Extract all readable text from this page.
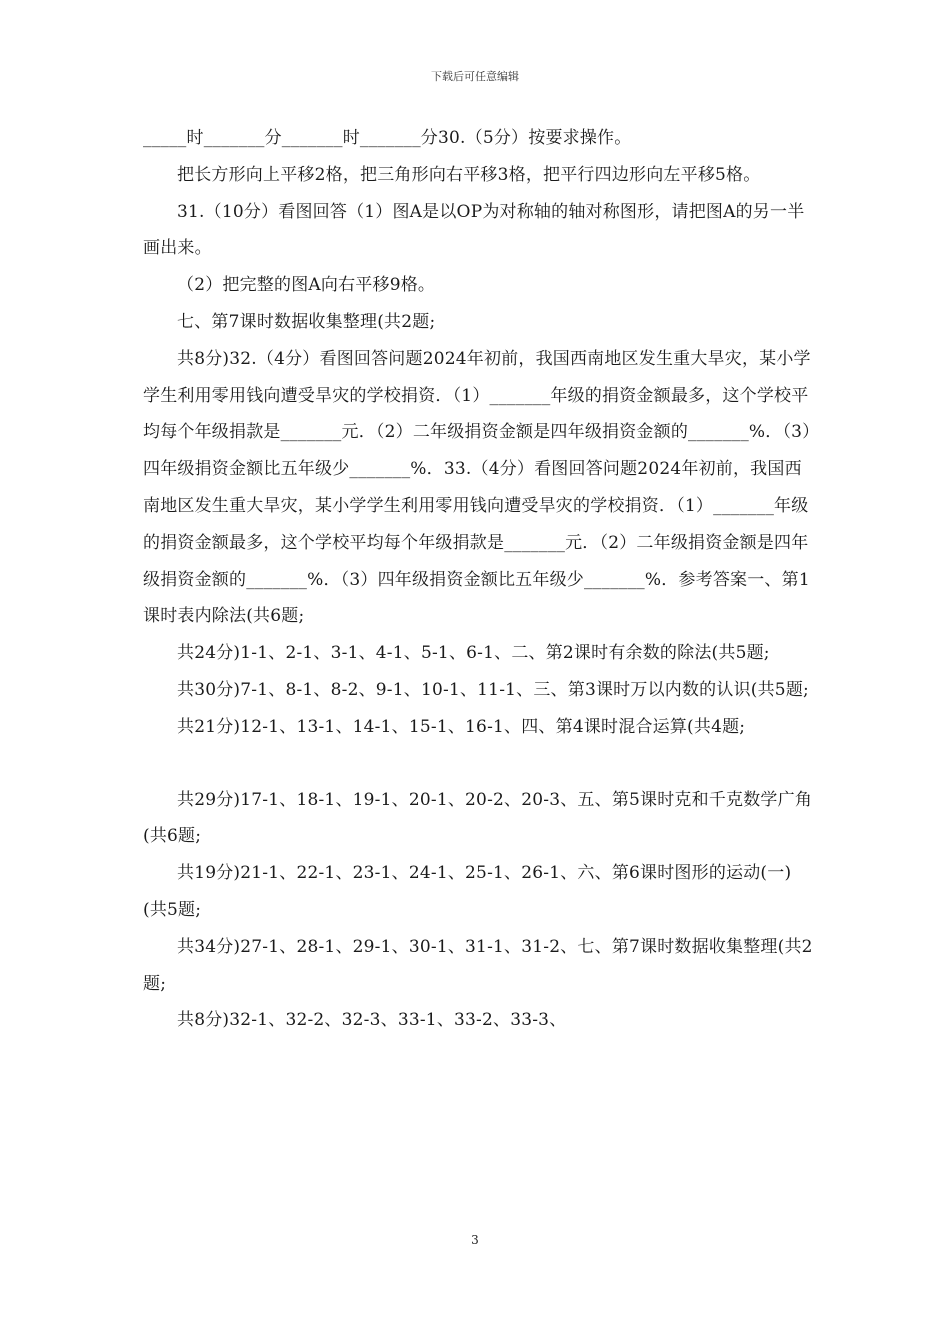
下载后可任意编辑

_____时_______分_______时_______分30.（5分）按要求操作。

把长方形向上平移2格，把三角形向右平移3格，把平行四边形向左平移5格。

31.（10分）看图回答（1）图A是以OP为对称轴的轴对称图形，请把图A的另一半画出来。

（2）把完整的图A向右平移9格。

七、第7课时数据收集整理(共2题;

共8分)32.（4分）看图回答问题2024年初前，我国西南地区发生重大旱灾，某小学学生利用零用钱向遭受旱灾的学校捐资．（1）_______年级的捐资金额最多，这个学校平均每个年级捐款是_______元．（2）二年级捐资金额是四年级捐资金额的_______%．（3）四年级捐资金额比五年级少_______%．33.（4分）看图回答问题2024年初前，我国西南地区发生重大旱灾，某小学学生利用零用钱向遭受旱灾的学校捐资．（1）_______年级的捐资金额最多，这个学校平均每个年级捐款是_______元．（2）二年级捐资金额是四年级捐资金额的_______%．（3）四年级捐资金额比五年级少_______%．参考答案一、第1课时表内除法(共6题;

共24分)1-1、2-1、3-1、4-1、5-1、6-1、二、第2课时有余数的除法(共5题;

共30分)7-1、8-1、8-2、9-1、10-1、11-1、三、第3课时万以内数的认识(共5题;

共21分)12-1、13-1、14-1、15-1、16-1、四、第4课时混合运算(共4题;

共29分)17-1、18-1、19-1、20-1、20-2、20-3、五、第5课时克和千克数学广角(共6题;

共19分)21-1、22-1、23-1、24-1、25-1、26-1、六、第6课时图形的运动(一)(共5题;

共34分)27-1、28-1、29-1、30-1、31-1、31-2、七、第7课时数据收集整理(共2题;

共8分)32-1、32-2、32-3、33-1、33-2、33-3、

3
